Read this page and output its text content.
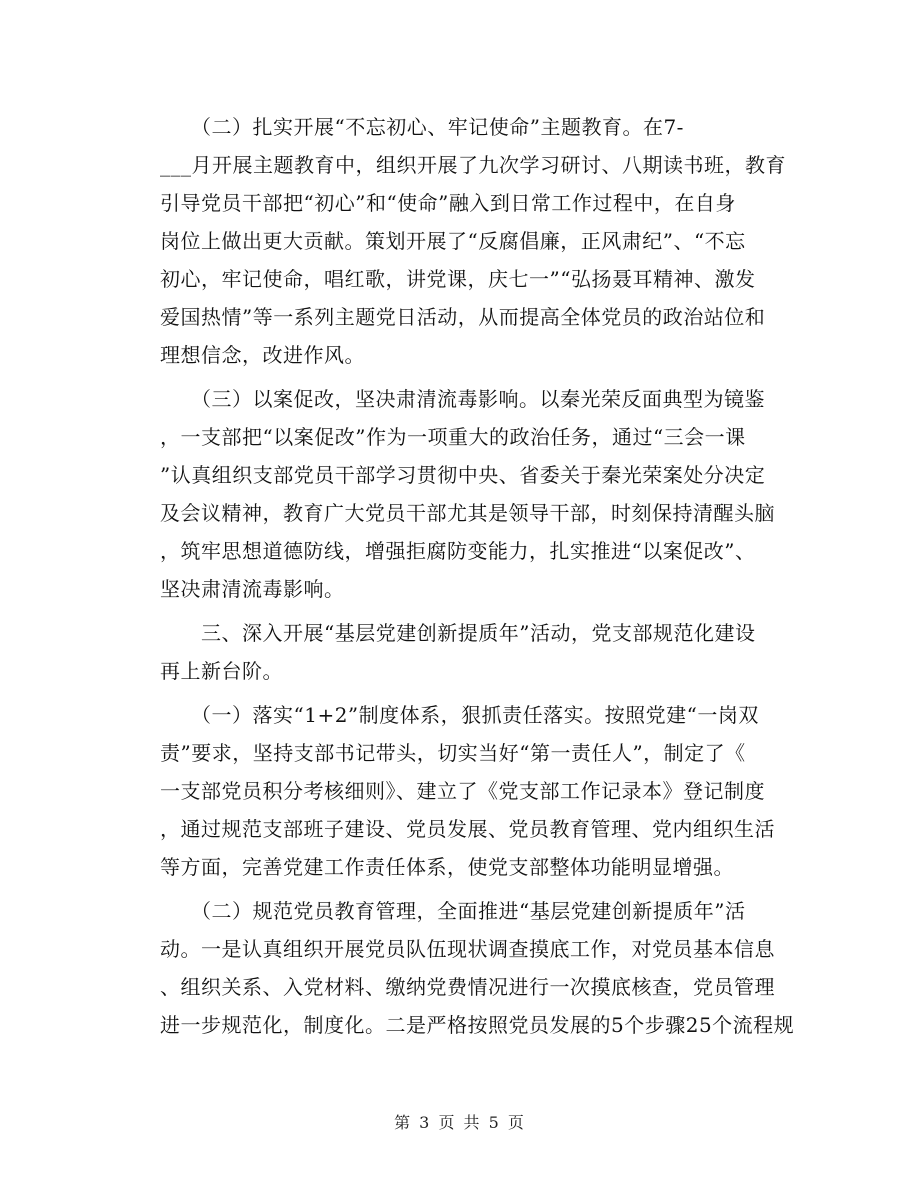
　　（二）扎实开展“不忘初心、牢记使命”主题教育。在7-
___月开展主题教育中，组织开展了九次学习研讨、八期读书班，教育
引导党员干部把“初心”和“使命”融入到日常工作过程中，在自身
岗位上做出更大贡献。策划开展了“反腐倡廉，正风肃纪”、“不忘
初心，牢记使命，唱红歌，讲党课，庆七一”“弘扬聂耳精神、激发
爱国热情”等一系列主题党日活动，从而提高全体党员的政治站位和
理想信念，改进作风。
　　（三）以案促改，坚决肃清流毒影响。以秦光荣反面典型为镜鉴
，一支部把“以案促改”作为一项重大的政治任务，通过“三会一课
”认真组织支部党员干部学习贯彻中央、省委关于秦光荣案处分决定
及会议精神，教育广大党员干部尤其是领导干部，时刻保持清醒头脑
，筑牢思想道德防线，增强拒腐防变能力，扎实推进“以案促改”、
坚决肃清流毒影响。
　　三、深入开展“基层党建创新提质年”活动，党支部规范化建设
再上新台阶。
　　（一）落实“1+2”制度体系，狠抓责任落实。按照党建“一岗双
责”要求，坚持支部书记带头，切实当好“第一责任人”，制定了《
一支部党员积分考核细则》、建立了《党支部工作记录本》登记制度
，通过规范支部班子建设、党员发展、党员教育管理、党内组织生活
等方面，完善党建工作责任体系，使党支部整体功能明显增强。
　　（二）规范党员教育管理，全面推进“基层党建创新提质年”活
动。一是认真组织开展党员队伍现状调查摸底工作，对党员基本信息
、组织关系、入党材料、缴纳党费情况进行一次摸底核查，党员管理
进一步规范化，制度化。二是严格按照党员发展的5个步骤25个流程规
第 3 页 共 5 页
